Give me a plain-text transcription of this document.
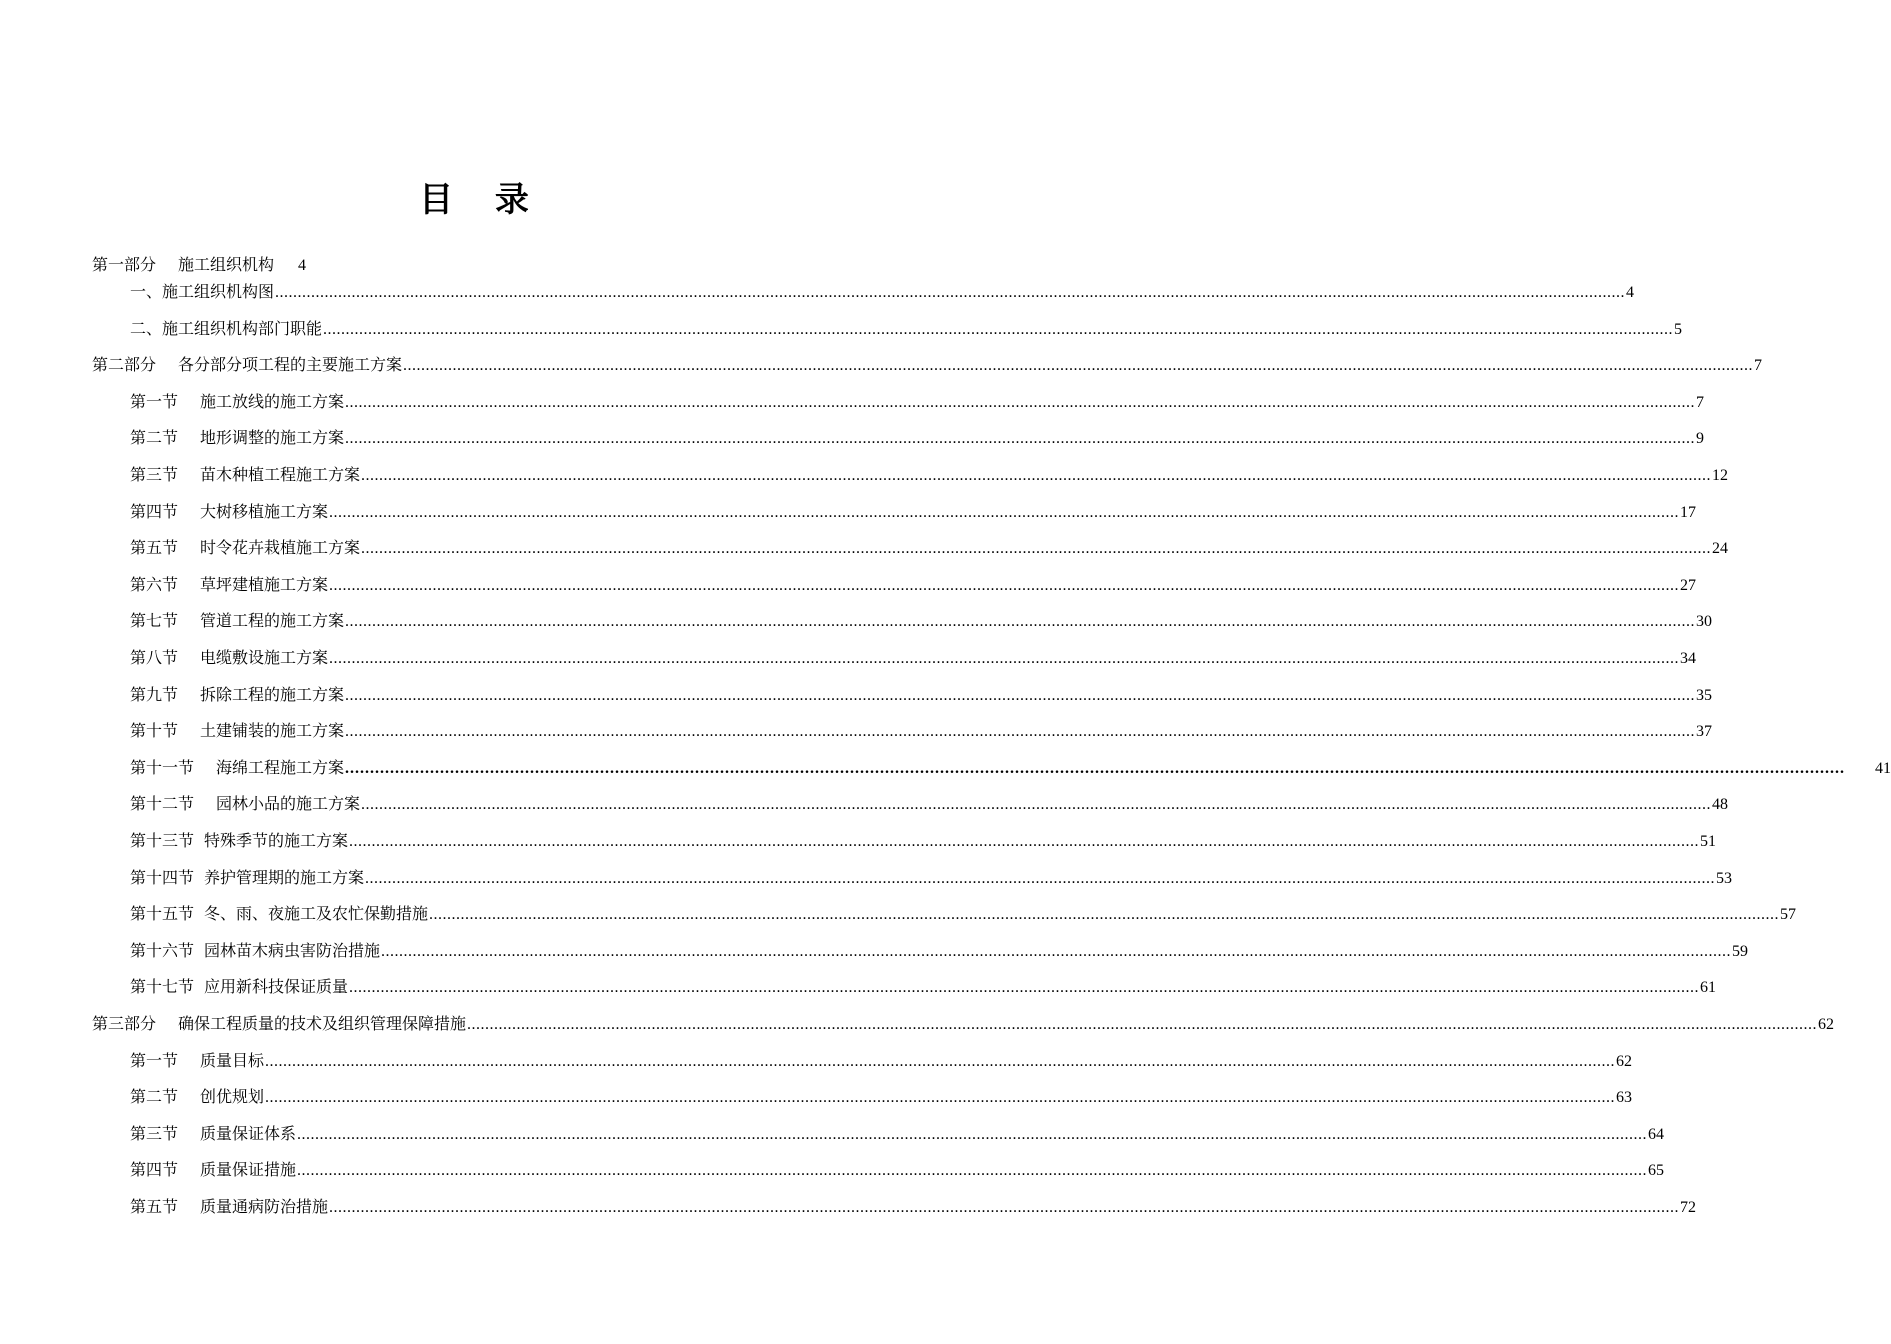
目 录
第一部分 施工组织机构 4
一、施工组织机构图 ............................................................................................................................................................................................................................................................................................................ 4
二、施工组织机构部门职能 ............................................................................................................................................................................................................................................................................................................ 5
第二部分 各分部分项工程的主要施工方案 ............................................................................................................................................................................................................................................................................................................ 7
第一节 施工放线的施工方案 ............................................................................................................................................................................................................................................................................................................ 7
第二节 地形调整的施工方案 ............................................................................................................................................................................................................................................................................................................ 9
第三节 苗木种植工程施工方案 ............................................................................................................................................................................................................................................................................................................ 12
第四节 大树移植施工方案 ............................................................................................................................................................................................................................................................................................................ 17
第五节 时令花卉栽植施工方案 ............................................................................................................................................................................................................................................................................................................ 24
第六节 草坪建植施工方案 ............................................................................................................................................................................................................................................................................................................ 27
第七节 管道工程的施工方案 ............................................................................................................................................................................................................................................................................................................ 30
第八节 电缆敷设施工方案 ............................................................................................................................................................................................................................................................................................................ 34
第九节 拆除工程的施工方案 ............................................................................................................................................................................................................................................................................................................ 35
第十节 土建铺装的施工方案 ............................................................................................................................................................................................................................................................................................................ 37
第十一节 海绵工程施工方案 ............................................................................................................................................................................................................................................................................................................ 41
第十二节 园林小品的施工方案 ............................................................................................................................................................................................................................................................................................................ 48
第十三节 特殊季节的施工方案 ............................................................................................................................................................................................................................................................................................................ 51
第十四节 养护管理期的施工方案 ............................................................................................................................................................................................................................................................................................................ 53
第十五节 冬、雨、夜施工及农忙保勤措施 ............................................................................................................................................................................................................................................................................................................ 57
第十六节 园林苗木病虫害防治措施 ............................................................................................................................................................................................................................................................................................................ 59
第十七节 应用新科技保证质量 ............................................................................................................................................................................................................................................................................................................ 61
第三部分 确保工程质量的技术及组织管理保障措施 ............................................................................................................................................................................................................................................................................................................ 62
第一节 质量目标 ............................................................................................................................................................................................................................................................................................................ 62
第二节 创优规划 ............................................................................................................................................................................................................................................................................................................ 63
第三节 质量保证体系 ............................................................................................................................................................................................................................................................................................................ 64
第四节 质量保证措施 ............................................................................................................................................................................................................................................................................................................ 65
第五节 质量通病防治措施 ............................................................................................................................................................................................................................................................................................................ 72
